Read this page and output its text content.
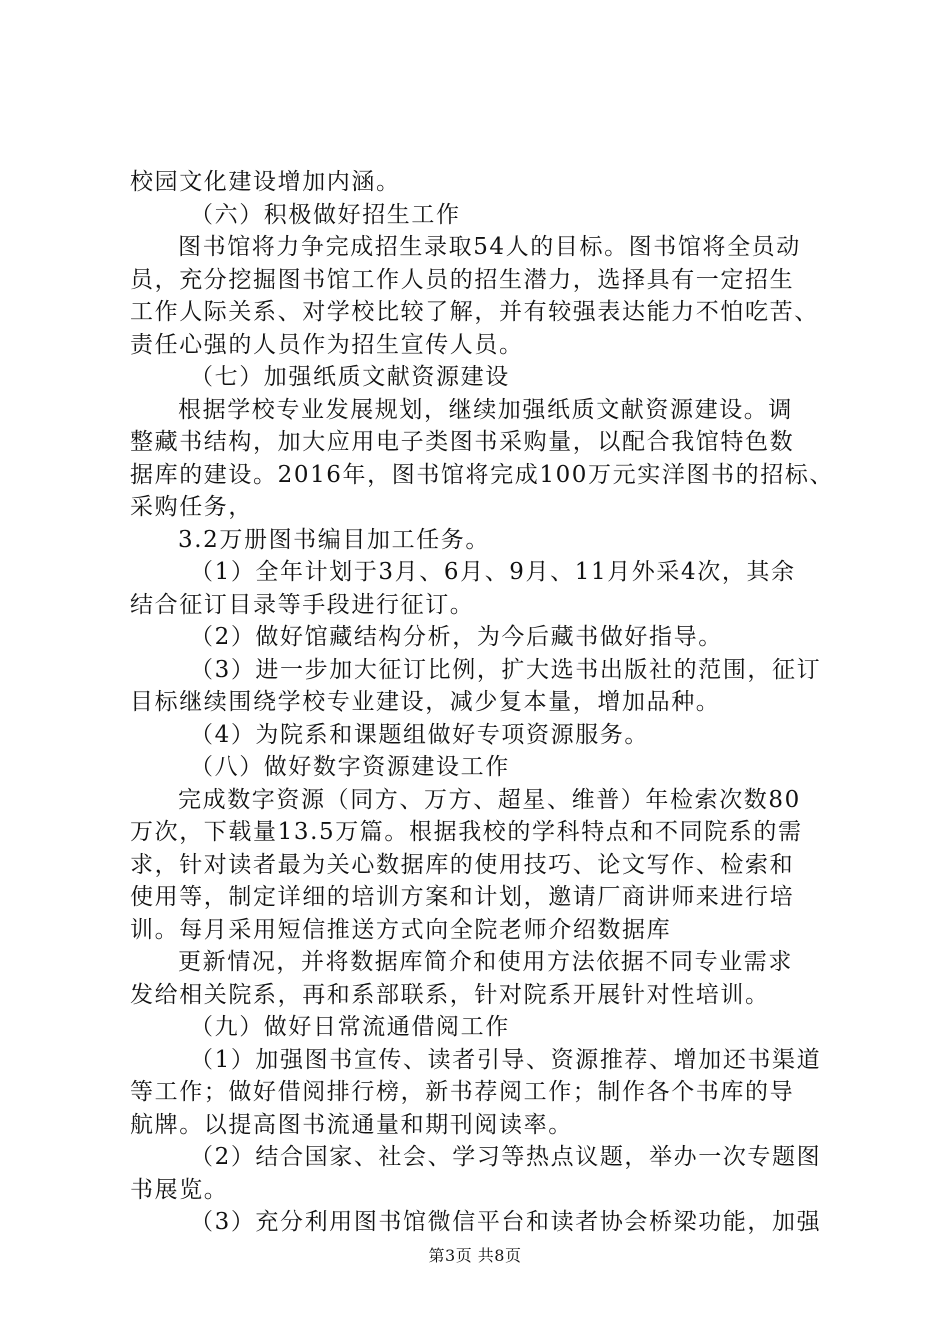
校园文化建设增加内涵。
（六）积极做好招生工作
图书馆将力争完成招生录取54人的目标。图书馆将全员动
员，充分挖掘图书馆工作人员的招生潜力，选择具有一定招生
工作人际关系、对学校比较了解，并有较强表达能力不怕吃苦、
责任心强的人员作为招生宣传人员。
（七）加强纸质文献资源建设
根据学校专业发展规划，继续加强纸质文献资源建设。调
整藏书结构，加大应用电子类图书采购量，以配合我馆特色数
据库的建设。2016年，图书馆将完成100万元实洋图书的招标、
采购任务，
3.2万册图书编目加工任务。
（1）全年计划于3月、6月、9月、11月外采4次，其余
结合征订目录等手段进行征订。
（2）做好馆藏结构分析，为今后藏书做好指导。
（3）进一步加大征订比例，扩大选书出版社的范围，征订
目标继续围绕学校专业建设，减少复本量，增加品种。
（4）为院系和课题组做好专项资源服务。
（八）做好数字资源建设工作
完成数字资源（同方、万方、超星、维普）年检索次数80
万次，下载量13.5万篇。根据我校的学科特点和不同院系的需
求，针对读者最为关心数据库的使用技巧、论文写作、检索和
使用等，制定详细的培训方案和计划，邀请厂商讲师来进行培
训。每月采用短信推送方式向全院老师介绍数据库
更新情况，并将数据库简介和使用方法依据不同专业需求
发给相关院系，再和系部联系，针对院系开展针对性培训。
（九）做好日常流通借阅工作
（1）加强图书宣传、读者引导、资源推荐、增加还书渠道
等工作；做好借阅排行榜，新书荐阅工作；制作各个书库的导
航牌。以提高图书流通量和期刊阅读率。
（2）结合国家、社会、学习等热点议题，举办一次专题图
书展览。
（3）充分利用图书馆微信平台和读者协会桥梁功能，加强
第3页 共8页
